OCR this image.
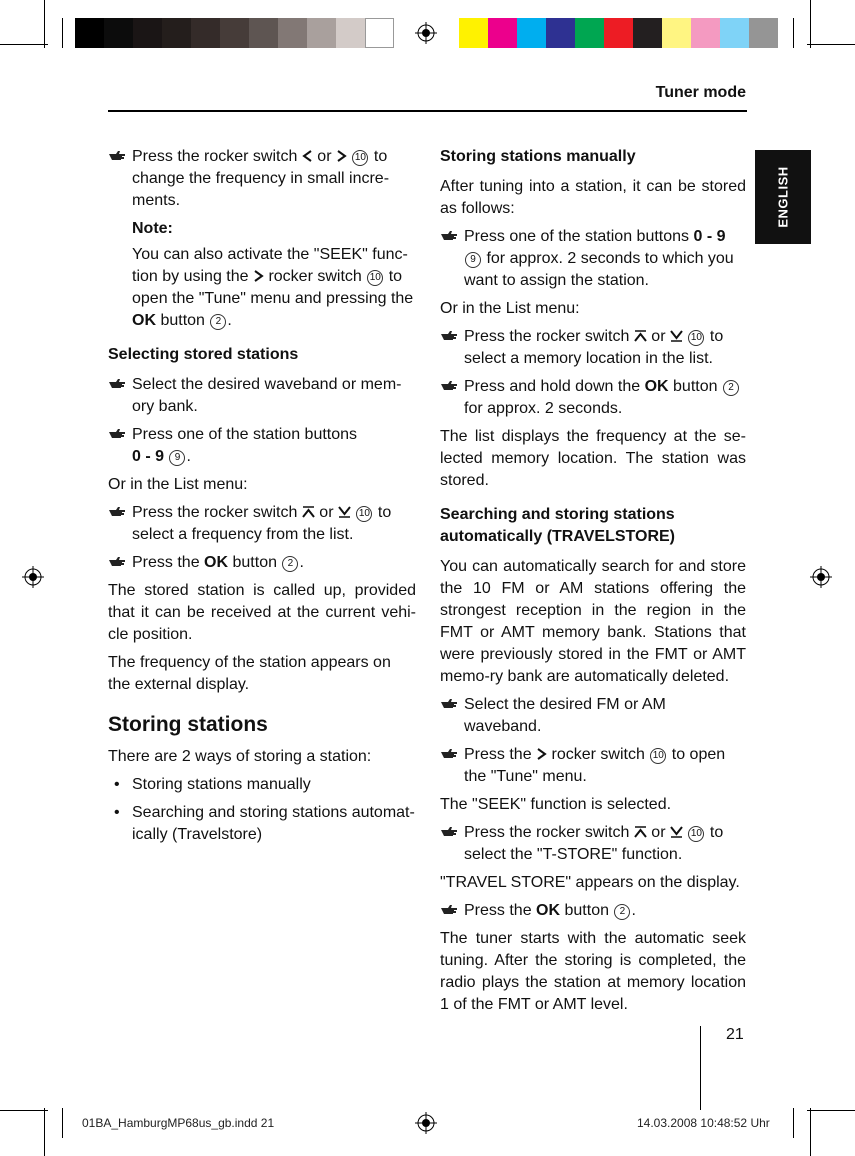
Tuner mode
ENGLISH
Press the rocker switch or 10 to change the frequency in small incre-ments.
Note:
You can also activate the "SEEK" func-tion by using the rocker switch 10 to open the "Tune" menu and pressing the OK button 2 .
Selecting stored stations
Select the desired waveband or mem-ory bank.
Press one of the station buttons
0 - 9 9 .

Or in the List menu:

Press the rocker switch or	10 to select a frequency from the list.
Press the OK button 2 .

The stored station is called up, provided that it can be received at the current vehi-cle position.

The frequency of the station appears on the external display.

Storing stations

There are 2 ways of storing a station:

• Storing stations manually
• Searching and storing stations automat-ically (Travelstore)
Storing stations manually

After tuning into a station, it can be stored as follows:

Press one of the station buttons 0 - 9 9 for approx. 2 seconds to which you want to assign the station.

Or in the List menu:

Press the rocker switch or	10 to select a memory location in the list.
Press and hold down the OK button 2 for approx. 2 seconds.

The list displays the frequency at the se-lected memory location. The station was stored.

Searching and storing stations automatically (TRAVELSTORE)

You can automatically search for and store the 10 FM or AM stations offering the strongest reception in the region in the FMT or AMT memory bank. Stations that were previously stored in the FMT or AMT memo-ry bank are automatically deleted.

Select the desired FM or AM waveband.
Press the rocker switch 10 to open the "Tune" menu.

The "SEEK" function is selected.

Press the rocker switch or	10 to select the "T-STORE" function.

"TRAVEL STORE" appears on the display.

Press the OK button 2 .

The tuner starts with the automatic seek tuning. After the storing is completed, the radio plays the station at memory location 1 of the FMT or AMT level.

21
01BA_HamburgMP68us_gb.indd 21	14.03.2008 10:48:52 Uhr
